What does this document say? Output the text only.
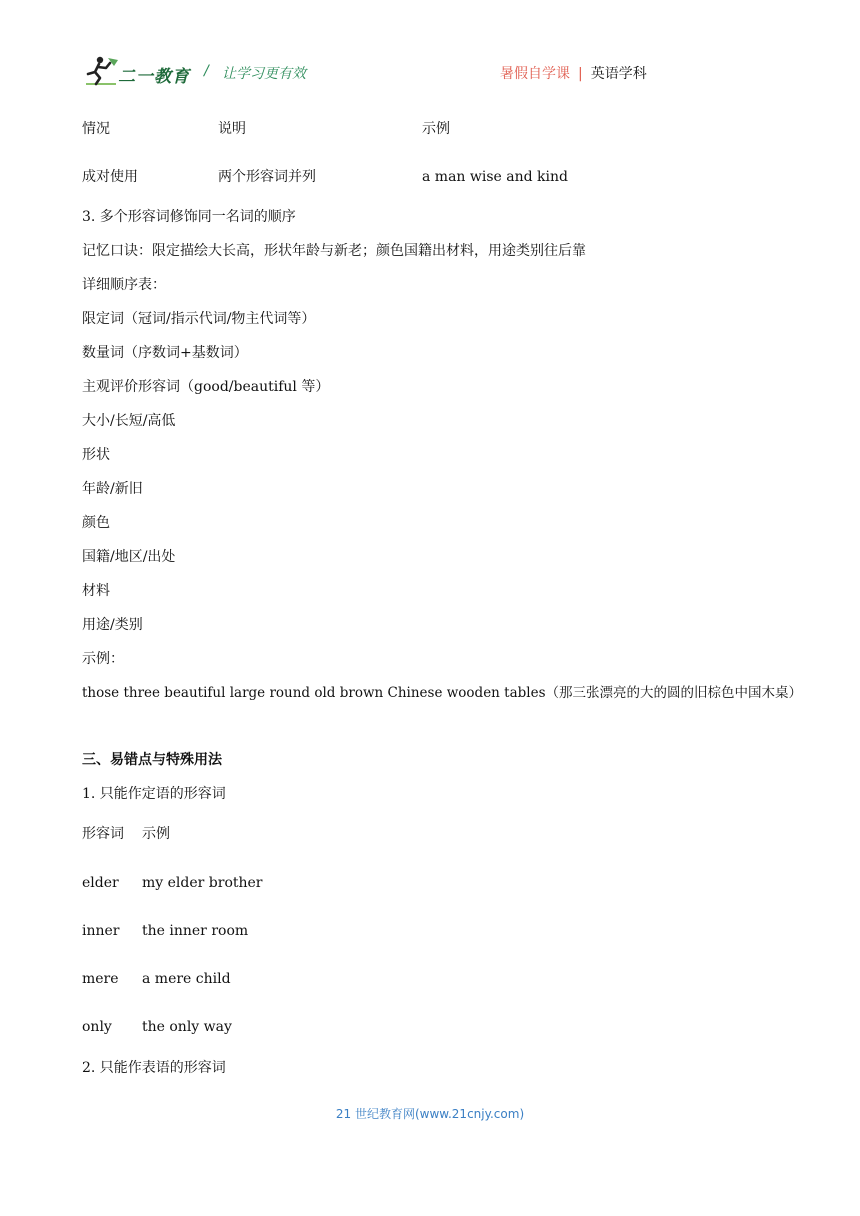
二一教育 / 让学习更有效	暑假自学课 | 英语学科
情况	说明	示例
成对使用	两个形容词并列	a man wise and kind
3. 多个形容词修饰同一名词的顺序
记忆口诀：限定描绘大长高，形状年龄与新老；颜色国籍出材料，用途类别往后靠
详细顺序表：
限定词（冠词/指示代词/物主代词等）
数量词（序数词+基数词）
主观评价形容词（good/beautiful 等）
大小/长短/高低
形状
年龄/新旧
颜色
国籍/地区/出处
材料
用途/类别
示例：
those three beautiful large round old brown Chinese wooden tables（那三张漂亮的大的圆的旧棕色中国木桌）
三、易错点与特殊用法
1. 只能作定语的形容词
形容词 示例
elder my elder brother
inner the inner room
mere a mere child
only the only way
2. 只能作表语的形容词
21 世纪教育网(www.21cnjy.com)
